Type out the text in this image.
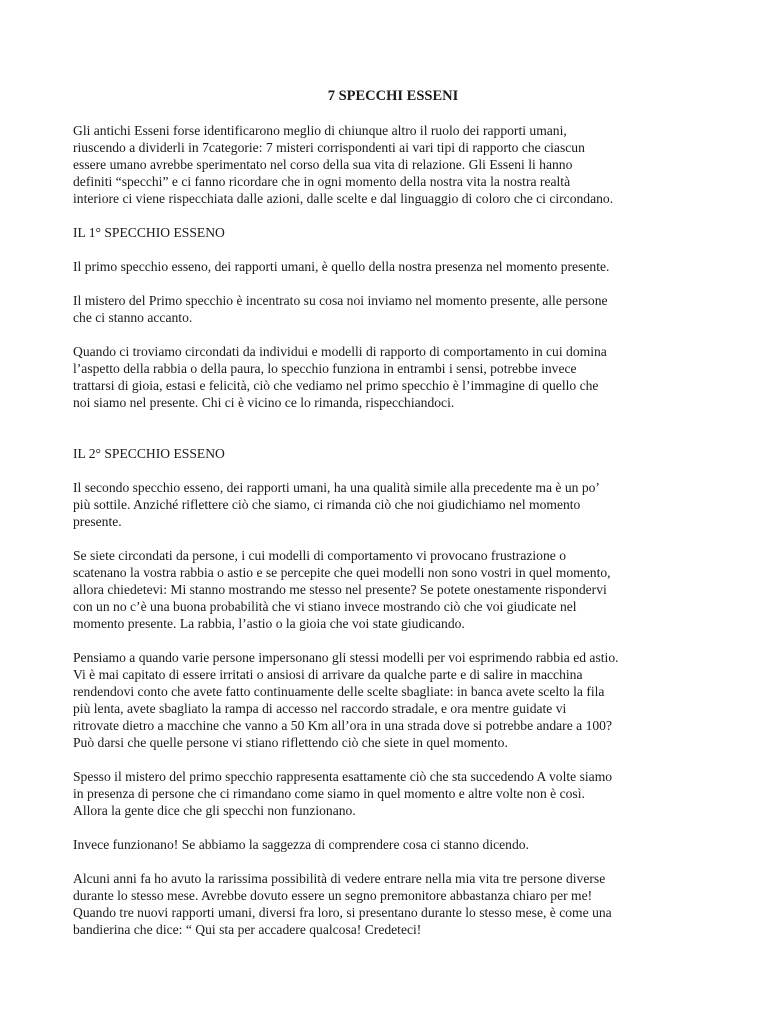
7 SPECCHI ESSENI
Gli antichi Esseni forse identificarono meglio di chiunque altro il ruolo dei rapporti umani,
riuscendo a dividerli in 7categorie: 7 misteri corrispondenti ai vari tipi di rapporto che ciascun
essere umano avrebbe sperimentato nel corso della sua vita di relazione. Gli Esseni li hanno
definiti “specchi” e ci fanno ricordare che in ogni momento della nostra vita la nostra realtà
interiore ci viene rispecchiata dalle azioni, dalle scelte e dal linguaggio di coloro che ci circondano.
IL 1° SPECCHIO ESSENO
Il primo specchio esseno, dei rapporti umani, è quello della nostra presenza nel momento presente.
Il mistero del Primo specchio è incentrato su cosa noi inviamo nel momento presente, alle persone
che ci stanno accanto.
Quando ci troviamo circondati da individui e modelli di rapporto di comportamento in cui domina
l’aspetto della rabbia o della paura, lo specchio funziona in entrambi i sensi, potrebbe invece
trattarsi di gioia, estasi e felicità, ciò che vediamo nel primo specchio è l’immagine di quello che
noi siamo nel presente. Chi ci è vicino ce lo rimanda, rispecchiandoci.
IL 2° SPECCHIO ESSENO
Il secondo specchio esseno, dei rapporti umani, ha una qualità simile alla precedente ma è un po’
più sottile. Anziché riflettere ciò che siamo, ci rimanda ciò che noi giudichiamo nel momento
presente.
Se siete circondati da persone, i cui modelli di comportamento vi provocano frustrazione o
scatenano la vostra rabbia o astio e se percepite che quei modelli non sono vostri in quel momento,
allora chiedetevi: Mi stanno mostrando me stesso nel presente? Se potete onestamente rispondervi
con un no c’è una buona probabilità che vi stiano invece mostrando ciò che voi giudicate nel
momento presente. La rabbia, l’astio o la gioia che voi state giudicando.
Pensiamo a quando varie persone impersonano gli stessi modelli per voi esprimendo rabbia ed astio.
Vi è mai capitato di essere irritati o ansiosi di arrivare da qualche parte e di salire in macchina
rendendovi conto che avete fatto continuamente delle scelte sbagliate: in banca avete scelto la fila
più lenta, avete sbagliato la rampa di accesso nel raccordo stradale, e ora mentre guidate vi
ritrovate dietro a macchine che vanno a 50 Km all’ora in una strada dove si potrebbe andare a 100?
Può darsi che quelle persone vi stiano riflettendo ciò che siete in quel momento.
Spesso il mistero del primo specchio rappresenta esattamente ciò che sta succedendo A volte siamo
in presenza di persone che ci rimandano come siamo in quel momento e altre volte non è così.
Allora la gente dice che gli specchi non funzionano.
Invece funzionano! Se abbiamo la saggezza di comprendere cosa ci stanno dicendo.
Alcuni anni fa ho avuto la rarissima possibilità di vedere entrare nella mia vita tre persone diverse
durante lo stesso mese. Avrebbe dovuto essere un segno premonitore abbastanza chiaro per me!
Quando tre nuovi rapporti umani, diversi fra loro, si presentano durante lo stesso mese, è come una
bandierina che dice: “ Qui sta per accadere qualcosa! Credeteci!
